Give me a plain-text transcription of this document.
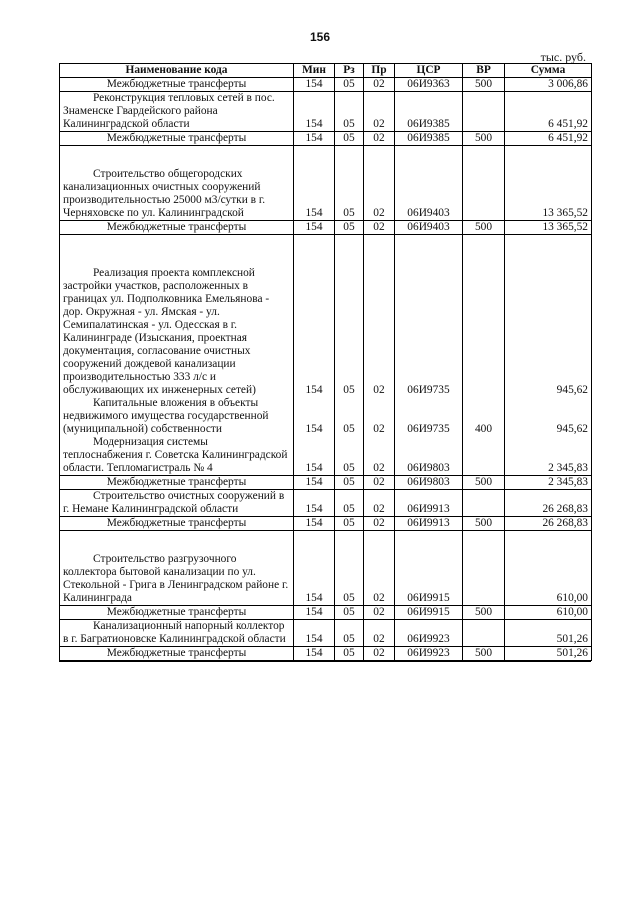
156
тыс. руб.
Наименование кода	Мин	Рз	Пр	ЦСР	ВР	Сумма
Межбюджетные трансферты	154	05	02	06И9363	500	3 006,86
Реконструкция тепловых сетей в пос. Знаменске Гвардейского района Калининградской области	154	05	02	06И9385		6 451,92
Межбюджетные трансферты	154	05	02	06И9385	500	6 451,92
Строительство общегородских канализационных очистных сооружений производительностью 25000 м3/сутки в г. Черняховске по ул. Калининградской	154	05	02	06И9403		13 365,52
Межбюджетные трансферты	154	05	02	06И9403	500	13 365,52
Реализация проекта комплексной застройки участков, расположенных в границах ул. Подполковника Емельянова - дор. Окружная - ул. Ямская - ул. Семипалатинская - ул. Одесская в г. Калининграде (Изыскания, проектная документация, согласование очистных сооружений дождевой канализации производительностью 333 л/с и обслуживающих их инженерных сетей)	154	05	02	06И9735		945,62
Капитальные вложения в объекты недвижимого имущества государственной (муниципальной) собственности	154	05	02	06И9735	400	945,62
Модернизация системы теплоснабжения г. Советска Калининградской области. Тепломагистраль № 4	154	05	02	06И9803		2 345,83
Межбюджетные трансферты	154	05	02	06И9803	500	2 345,83
Строительство очистных сооружений в г. Немане Калининградской области	154	05	02	06И9913		26 268,83
Межбюджетные трансферты	154	05	02	06И9913	500	26 268,83
Строительство разгрузочного коллектора бытовой канализации по ул. Стекольной - Грига в Ленинградском районе г. Калининграда	154	05	02	06И9915		610,00
Межбюджетные трансферты	154	05	02	06И9915	500	610,00
Канализационный напорный коллектор в г. Багратионовске Калининградской области	154	05	02	06И9923		501,26
Межбюджетные трансферты	154	05	02	06И9923	500	501,26
